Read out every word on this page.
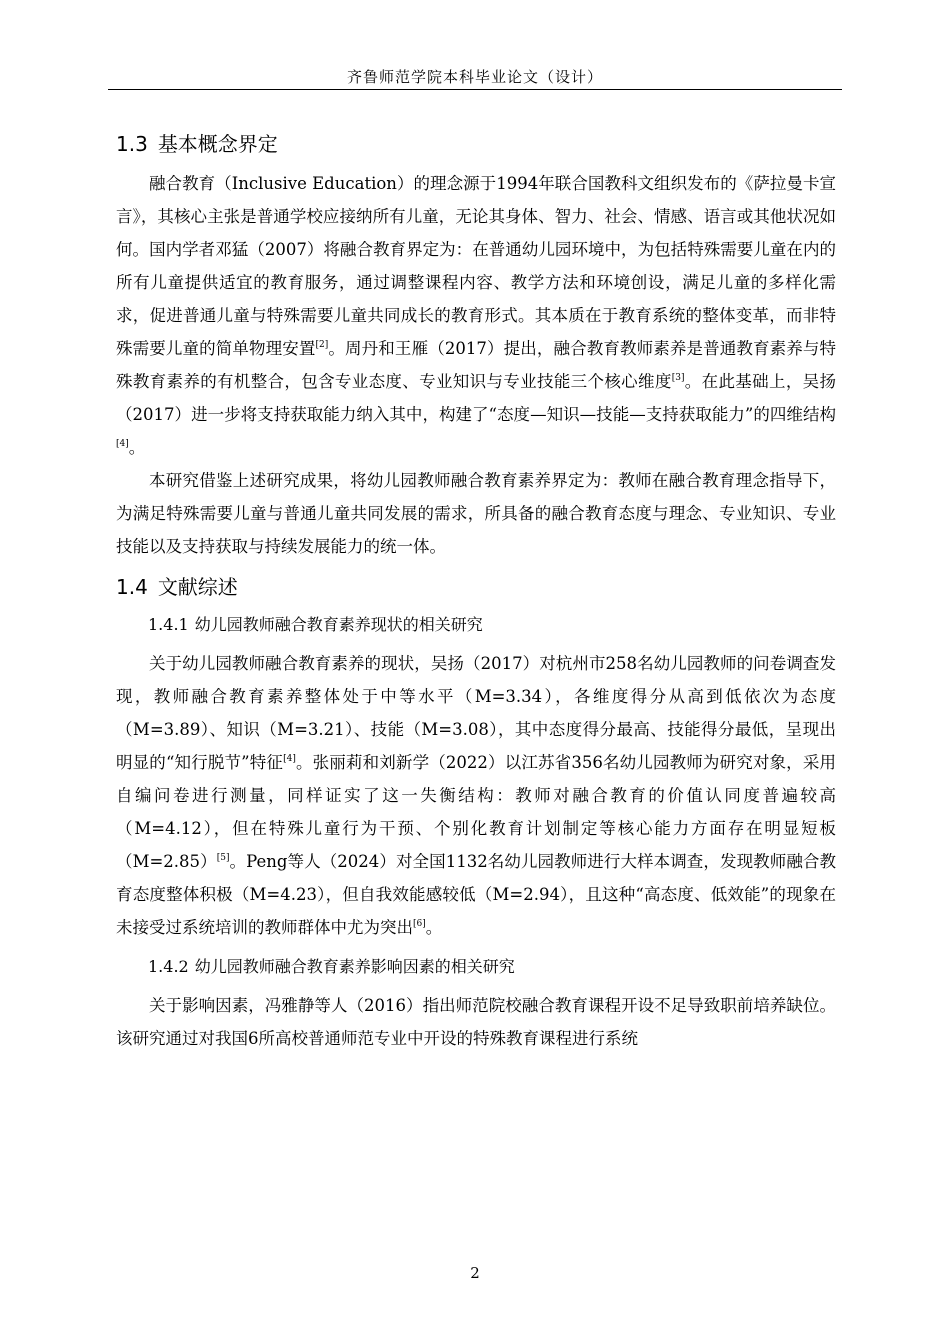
齐鲁师范学院本科毕业论文（设计）
1.3 基本概念界定

融合教育（Inclusive Education）的理念源于1994年联合国教科文组织发布的《萨拉曼卡宣言》，其核心主张是普通学校应接纳所有儿童，无论其身体、智力、社会、情感、语言或其他状况如何。国内学者邓猛（2007）将融合教育界定为：在普通幼儿园环境中，为包括特殊需要儿童在内的所有儿童提供适宜的教育服务，通过调整课程内容、教学方法和环境创设，满足儿童的多样化需求，促进普通儿童与特殊需要儿童共同成长的教育形式。其本质在于教育系统的整体变革，而非特殊需要儿童的简单物理安置[2]。周丹和王雁（2017）提出，融合教育教师素养是普通教育素养与特殊教育素养的有机整合，包含专业态度、专业知识与专业技能三个核心维度[3]。在此基础上，吴扬（2017）进一步将支持获取能力纳入其中，构建了“态度—知识—技能—支持获取能力”的四维结构[4]。

本研究借鉴上述研究成果，将幼儿园教师融合教育素养界定为：教师在融合教育理念指导下，为满足特殊需要儿童与普通儿童共同发展的需求，所具备的融合教育态度与理念、专业知识、专业技能以及支持获取与持续发展能力的统一体。

1.4 文献综述
1.4.1 幼儿园教师融合教育素养现状的相关研究

关于幼儿园教师融合教育素养的现状，吴扬（2017）对杭州市258名幼儿园教师的问卷调查发现，教师融合教育素养整体处于中等水平（M=3.34），各维度得分从高到低依次为态度（M=3.89）、知识（M=3.21）、技能（M=3.08），其中态度得分最高、技能得分最低，呈现出明显的“知行脱节”特征[4]。张丽莉和刘新学（2022）以江苏省356名幼儿园教师为研究对象，采用自编问卷进行测量，同样证实了这一失衡结构：教师对融合教育的价值认同度普遍较高（M=4.12），但在特殊儿童行为干预、个别化教育计划制定等核心能力方面存在明显短板（M=2.85）[5]。Peng等人（2024）对全国1132名幼儿园教师进行大样本调查，发现教师融合教育态度整体积极（M=4.23），但自我效能感较低（M=2.94），且这种“高态度、低效能”的现象在未接受过系统培训的教师群体中尤为突出[6]。

1.4.2 幼儿园教师融合教育素养影响因素的相关研究

关于影响因素，冯雅静等人（2016）指出师范院校融合教育课程开设不足导致职前培养缺位。该研究通过对我国6所高校普通师范专业中开设的特殊教育课程进行系统

2
